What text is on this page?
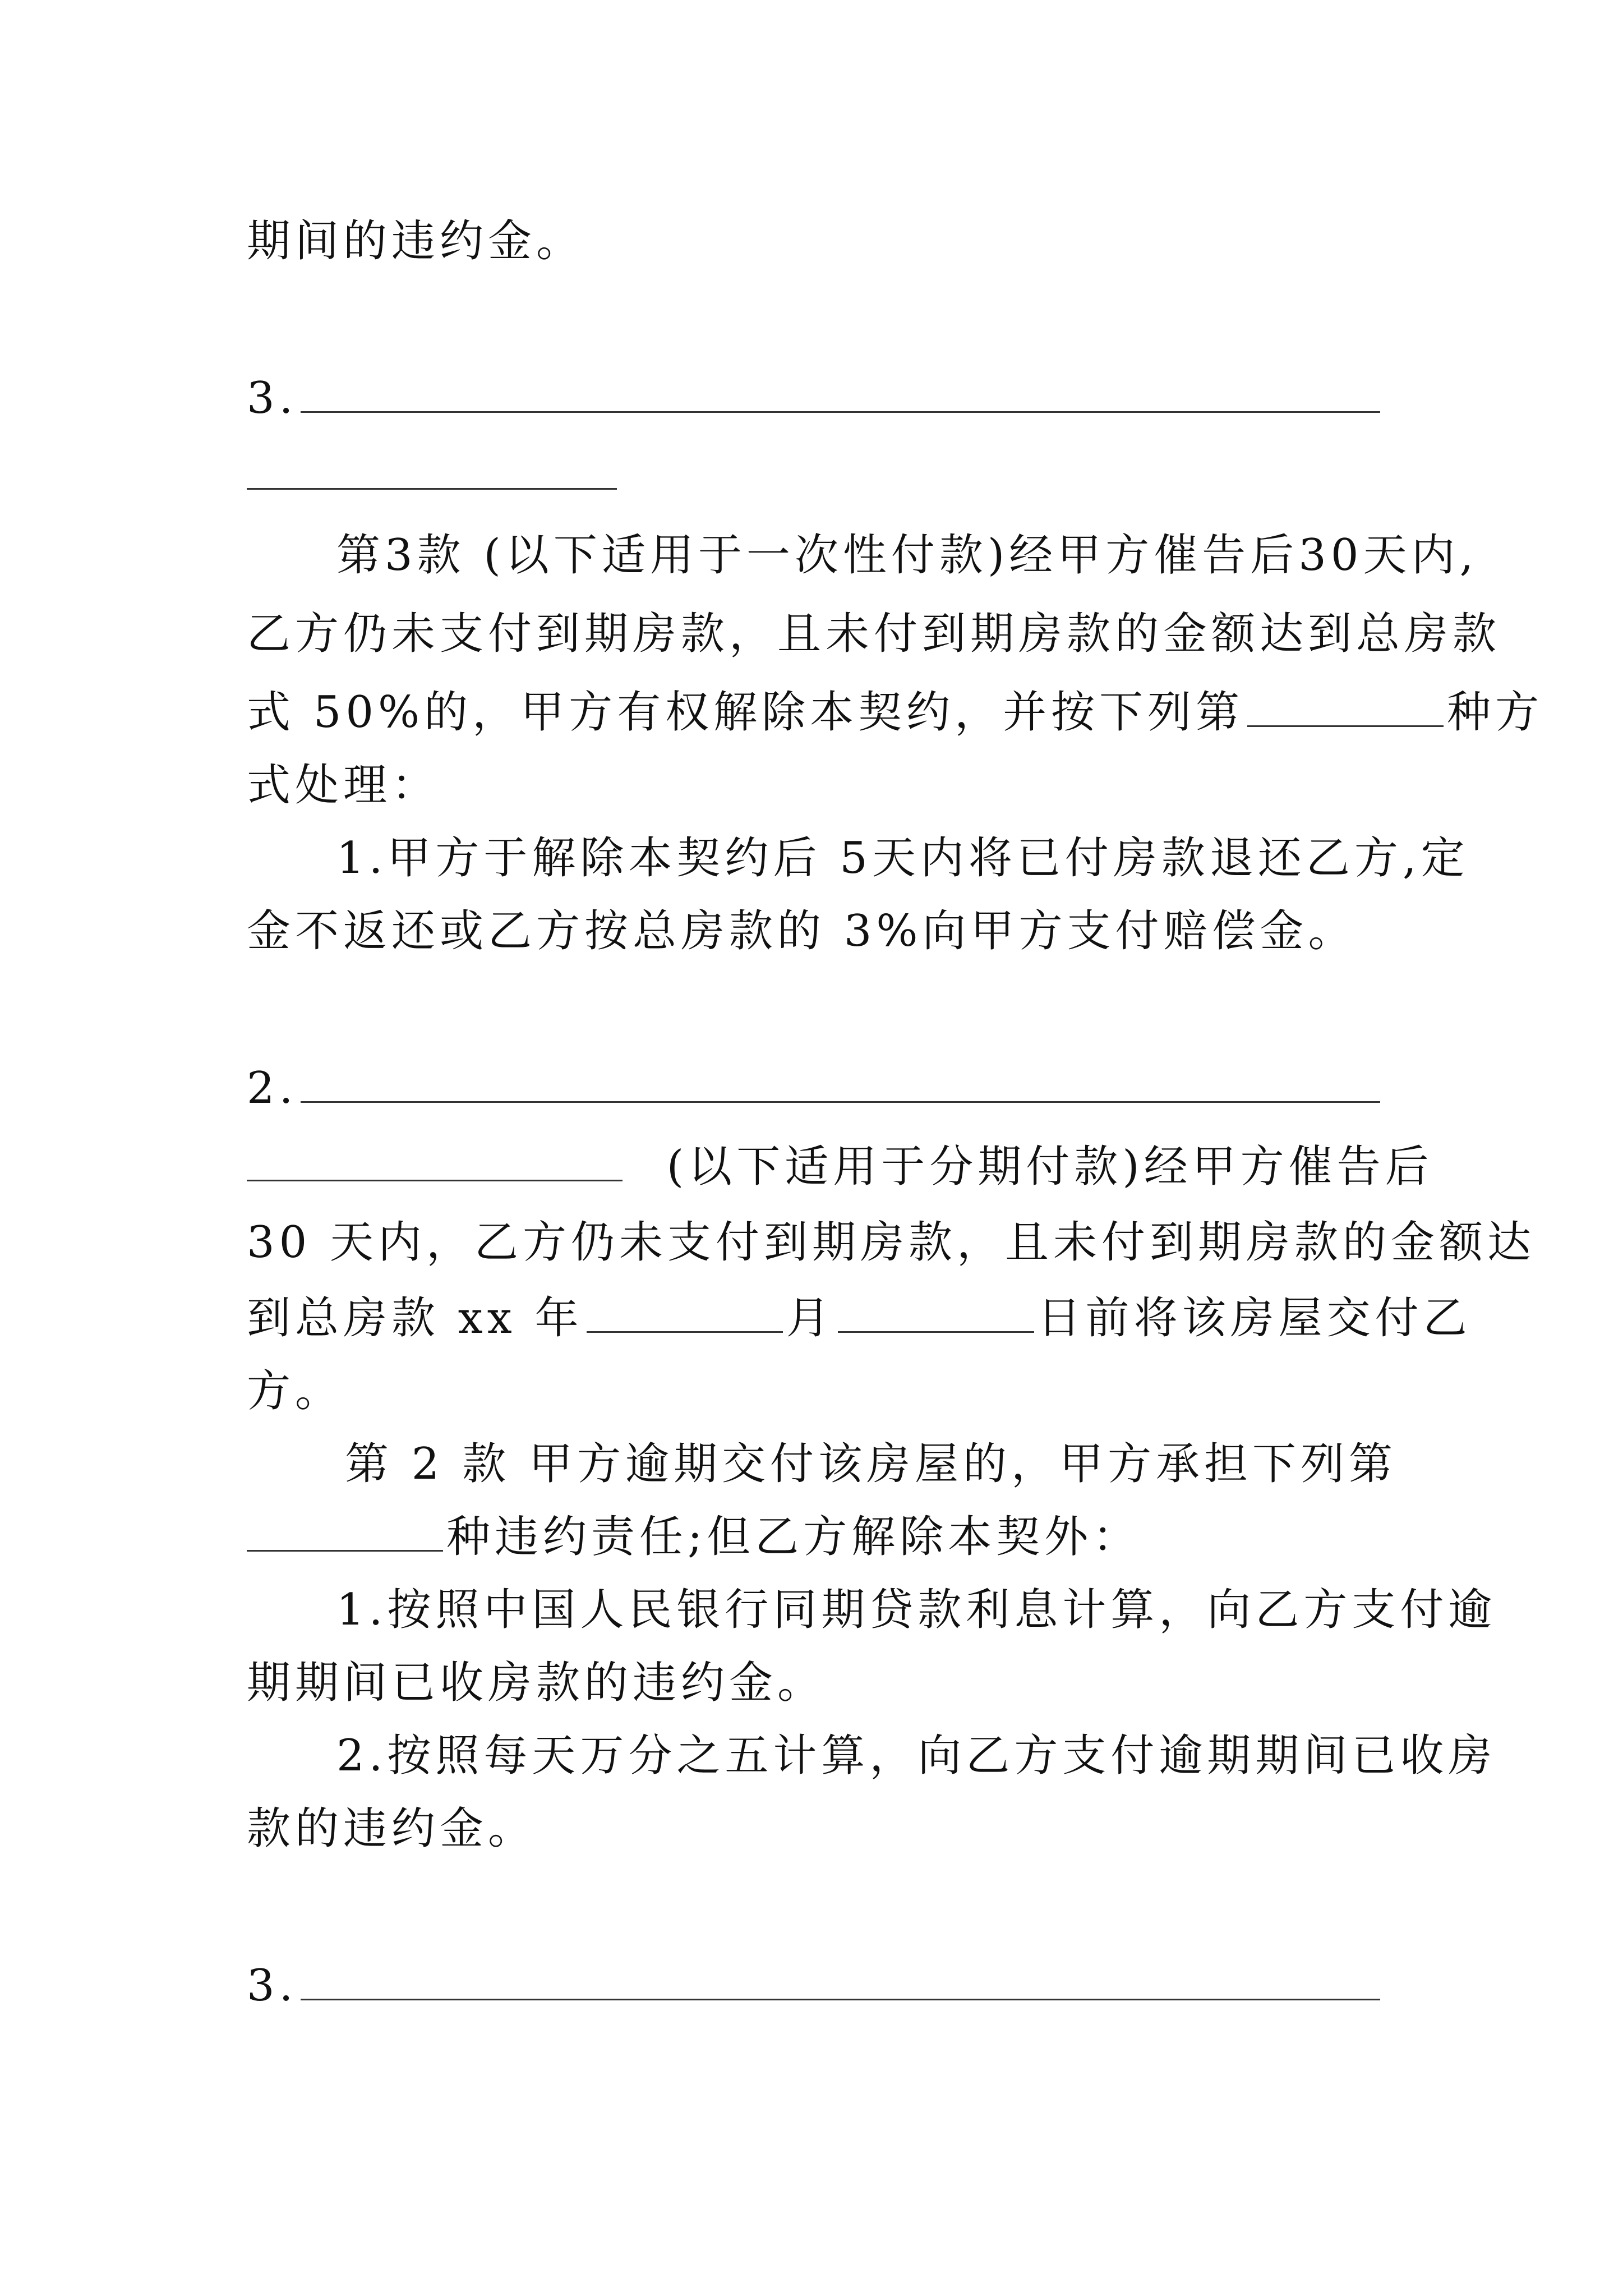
期间的违约金。
3.
第3款 (以下适用于一次性付款)经甲方催告后30天内,
乙方仍未支付到期房款，且未付到期房款的金额达到总房款
式 50%的，甲方有权解除本契约，并按下列第	种方
式处理：
1.甲方于解除本契约后 5天内将已付房款退还乙方,定
金不返还或乙方按总房款的 3%向甲方支付赔偿金。
2.
(以下适用于分期付款)经甲方催告后
30 天内，乙方仍未支付到期房款，且未付到期房款的金额达
到总房款 xx 年	月	日前将该房屋交付乙
方。
第 2 款 甲方逾期交付该房屋的，甲方承担下列第
种违约责任;但乙方解除本契外：
1.按照中国人民银行同期贷款利息计算，向乙方支付逾
期期间已收房款的违约金。
2.按照每天万分之五计算，向乙方支付逾期期间已收房
款的违约金。
3.
